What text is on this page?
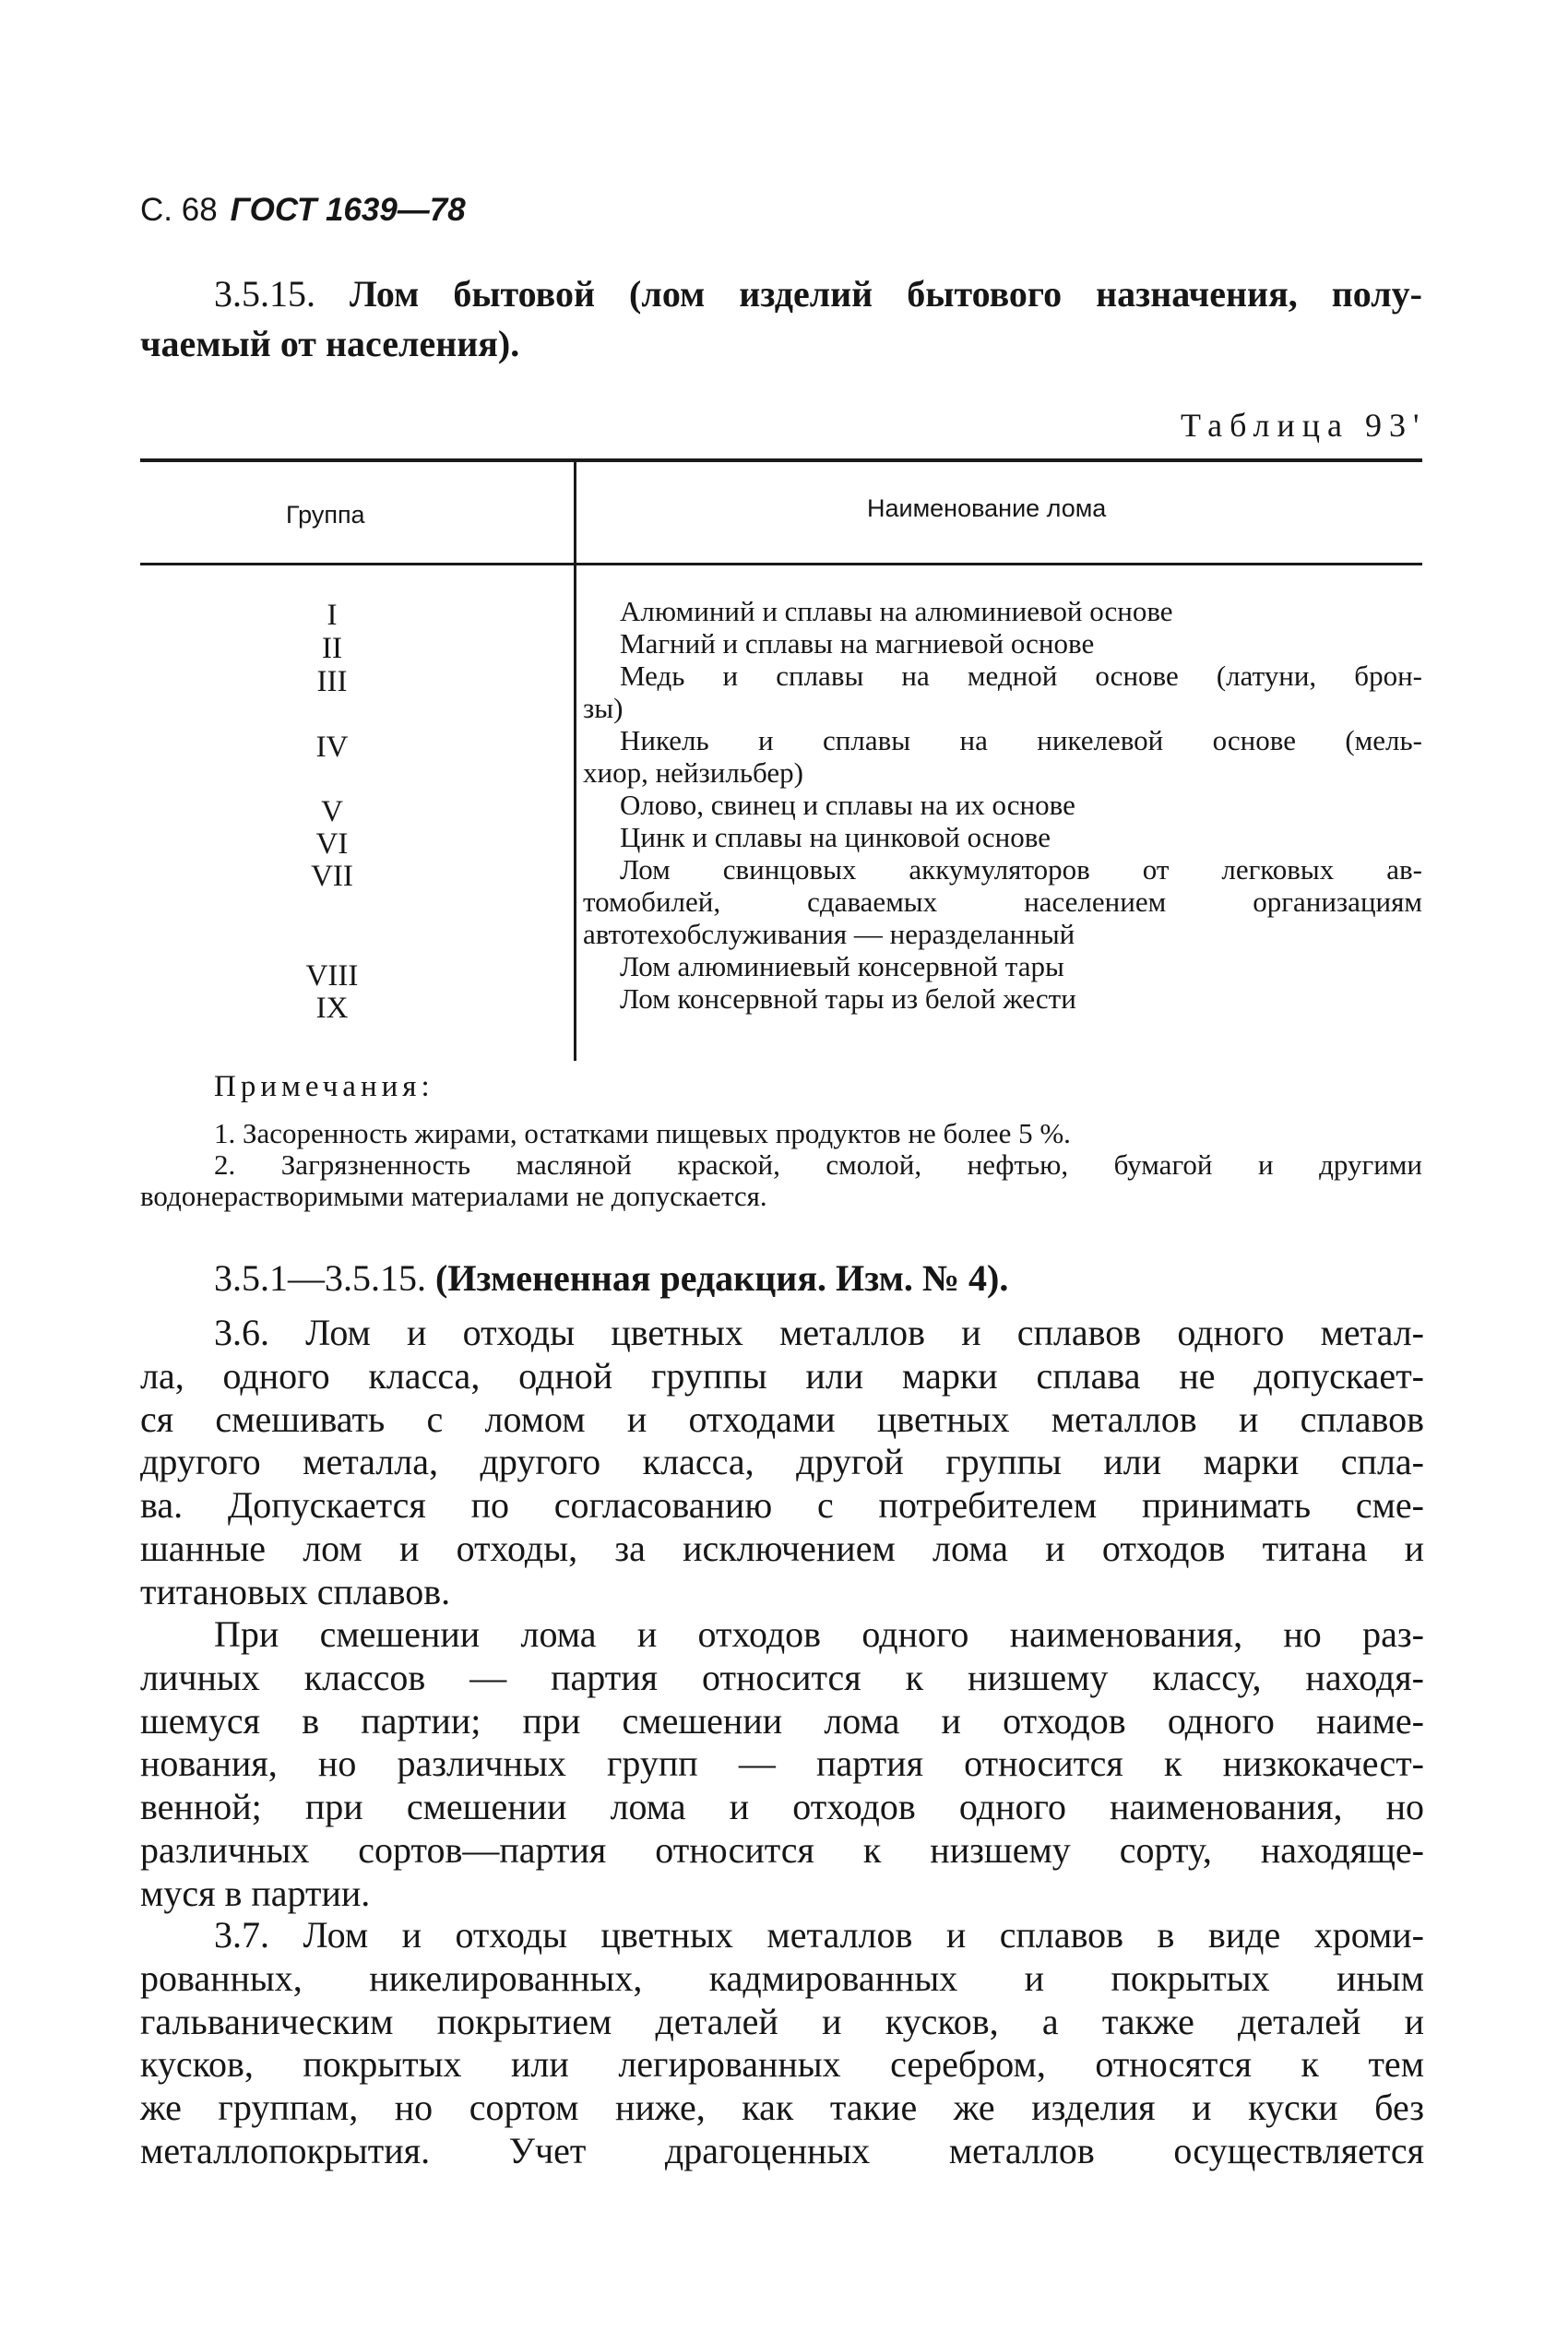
С. 68 ГОСТ 1639—78
3.5.15. Лом бытовой (лом изделий бытового назначения, полу-
чаемый от населения).
Таблица 93'
Группа	Наименование лома
I
II
III
IV
V
VI
VII
VIII
IX
Алюминий и сплавы на алюминиевой основе
Магний и сплавы на магниевой основе
Медь и сплавы на медной основе (латуни, брон-
зы)
Никель и сплавы на никелевой основе (мель-
хиор, нейзильбер)
Олово, свинец и сплавы на их основе
Цинк и сплавы на цинковой основе
Лом свинцовых аккумуляторов от легковых ав-
томобилей, сдаваемых населением организациям
автотехобслуживания — неразделанный
Лом алюминиевый консервной тары
Лом консервной тары из белой жести
Примечания:
1. Засоренность жирами, остатками пищевых продуктов не более 5 %.
2. Загрязненность масляной краской, смолой, нефтью, бумагой и другими
водонерастворимыми материалами не допускается.
3.5.1—3.5.15. (Измененная редакция. Изм. № 4).
3.6. Лом и отходы цветных металлов и сплавов одного метал-
ла, одного класса, одной группы или марки сплава не допускает-
ся смешивать с ломом и отходами цветных металлов и сплавов
другого металла, другого класса, другой группы или марки спла-
ва. Допускается по согласованию с потребителем принимать сме-
шанные лом и отходы, за исключением лома и отходов титана и
титановых сплавов.
При смешении лома и отходов одного наименования, но раз-
личных классов — партия относится к низшему классу, находя-
шемуся в партии; при смешении лома и отходов одного наиме-
нования, но различных групп — партия относится к низкокачест-
венной; при смешении лома и отходов одного наименования, но
различных сортов—партия относится к низшему сорту, находяще-
муся в партии.
3.7. Лом и отходы цветных металлов и сплавов в виде хроми-
рованных, никелированных, кадмированных и покрытых иным
гальваническим покрытием деталей и кусков, а также деталей и
кусков, покрытых или легированных серебром, относятся к тем
же группам, но сортом ниже, как такие же изделия и куски без
металлопокрытия. Учет драгоценных металлов осуществляется
